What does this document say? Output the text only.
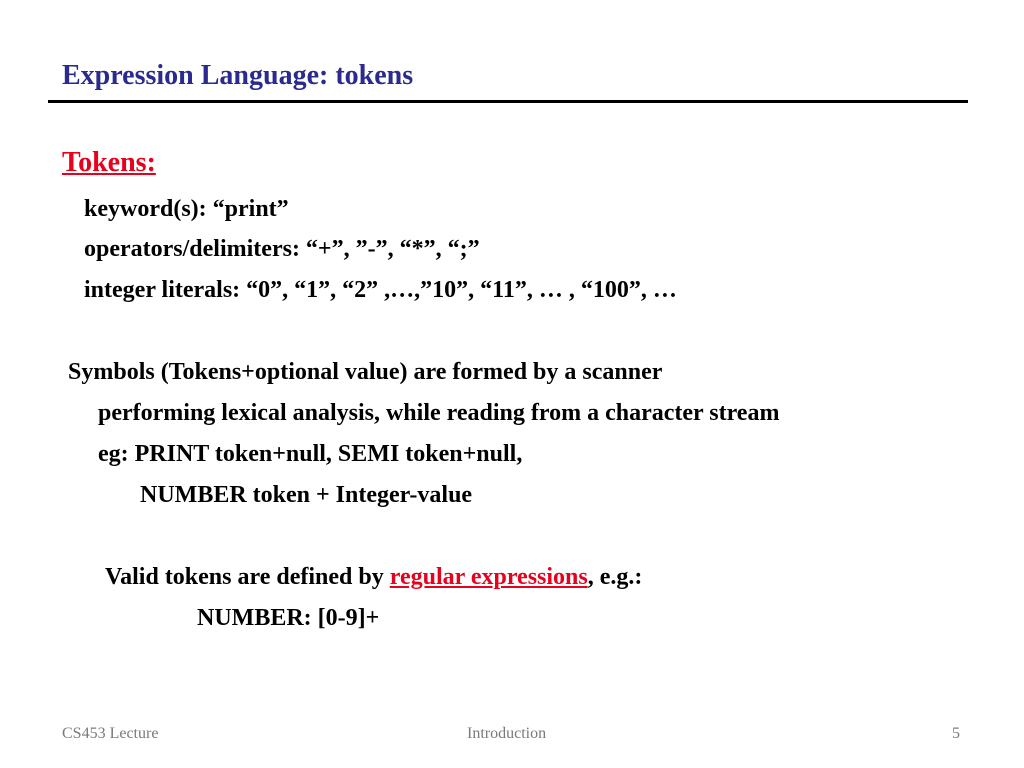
Expression Language: tokens
Tokens:
keyword(s): “print”
operators/delimiters: “+”, ”-”, “*”, “;”
integer literals: “0”, “1”, “2” ,…,”10”, “11”, … , “100”, …
Symbols (Tokens+optional value) are formed by a scanner
performing lexical analysis, while reading from a character stream
eg: PRINT token+null, SEMI token+null,
NUMBER token + Integer-value
Valid tokens are defined by regular expressions, e.g.:
NUMBER: [0-9]+
CS453 Lecture	Introduction	5
